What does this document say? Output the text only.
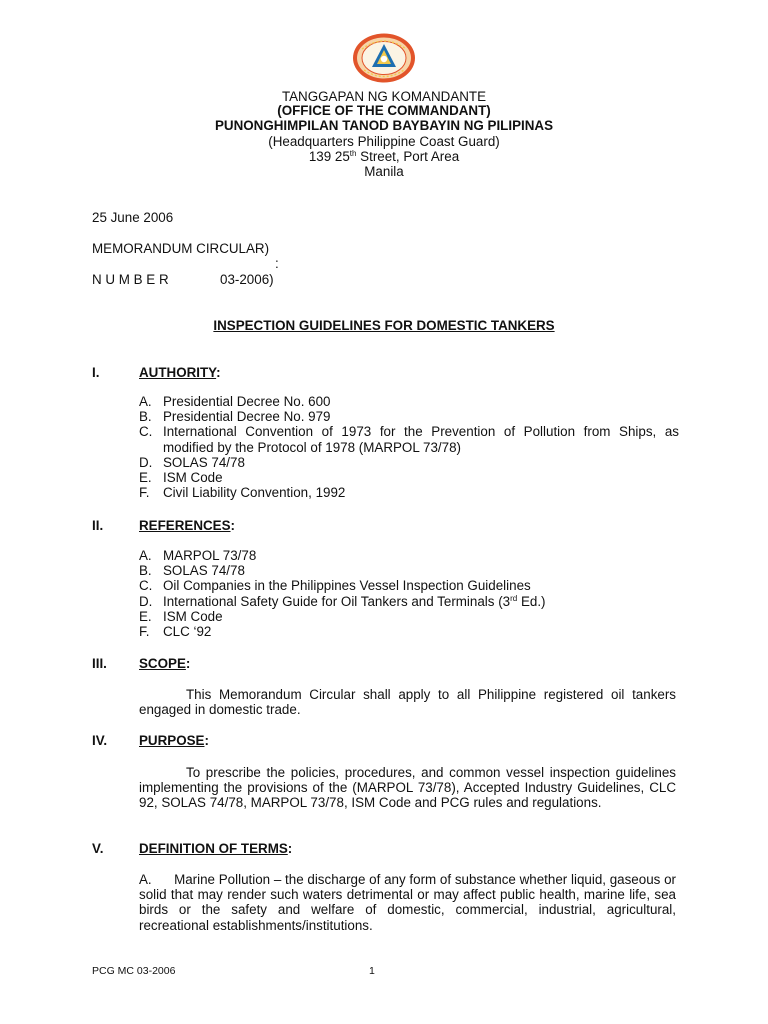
TANGGAPAN NG KOMANDANTE
(OFFICE OF THE COMMANDANT)
PUNONGHIMPILAN TANOD BAYBAYIN NG PILIPINAS
(Headquarters Philippine Coast Guard)
139 25th Street, Port Area
Manila
25 June 2006
MEMORANDUM CIRCULAR)
:
N U M B E R	03-2006)
INSPECTION GUIDELINES FOR DOMESTIC TANKERS
I.	AUTHORITY:
A. Presidential Decree No. 600
B. Presidential Decree No. 979
C. International Convention of 1973 for the Prevention of Pollution from Ships, as modified by the Protocol of 1978 (MARPOL 73/78)
D. SOLAS 74/78
E. ISM Code
F.	Civil Liability Convention, 1992
II.	REFERENCES:
A. MARPOL 73/78
B. SOLAS 74/78
C. Oil Companies in the Philippines Vessel Inspection Guidelines
D. International Safety Guide for Oil Tankers and Terminals (3rd Ed.)
E. ISM Code
F.	CLC ‘92
III. SCOPE:
This Memorandum Circular shall apply to all Philippine registered oil tankers engaged in domestic trade.
IV. PURPOSE:
To prescribe the policies, procedures, and common vessel inspection guidelines implementing the provisions of the (MARPOL 73/78), Accepted Industry Guidelines, CLC 92, SOLAS 74/78, MARPOL 73/78, ISM Code and PCG rules and regulations.
V.	DEFINITION OF TERMS:
A.      Marine Pollution – the discharge of any form of substance whether liquid, gaseous or solid that may render such waters detrimental or may affect public health, marine life, sea birds or the safety and welfare of domestic, commercial, industrial, agricultural, recreational establishments/institutions.
PCG MC 03-2006	1
